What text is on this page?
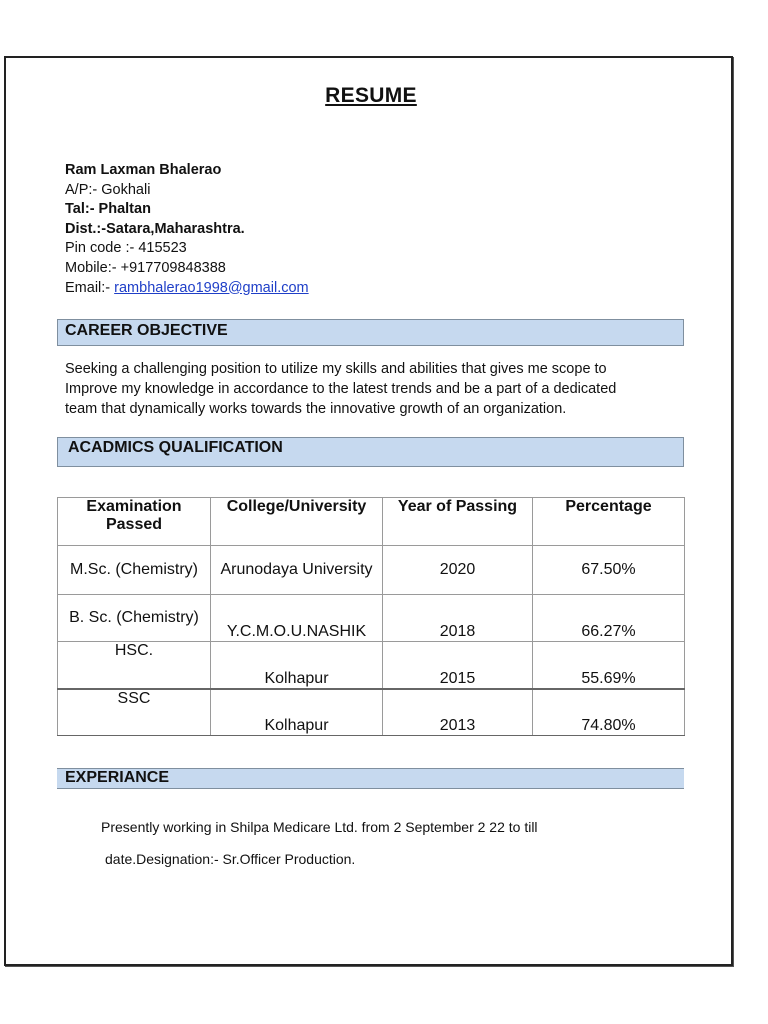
RESUME
Ram Laxman Bhalerao
A/P:- Gokhali
Tal:- Phaltan
Dist.:-Satara,Maharashtra.
Pin code :- 415523
Mobile:- +917709848388
Email:- rambhalerao1998@gmail.com
CAREER OBJECTIVE
Seeking a challenging position to utilize my skills and abilities that gives me scope to
Improve my knowledge in accordance to the latest trends and be a part of a dedicated
team that dynamically works towards the innovative growth of an organization.
ACADMICS QUALIFICATION
Examination Passed	College/University	Year of Passing	Percentage
M.Sc. (Chemistry)	Arunodaya University	2020	67.50%
B. Sc. (Chemistry)	Y.C.M.O.U.NASHIK	2018	66.27%
HSC.	Kolhapur	2015	55.69%
SSC	Kolhapur	2013	74.80%
EXPERIANCE
Presently working in Shilpa Medicare Ltd. from 2 September 2 22 to till
date.Designation:- Sr.Officer Production.
